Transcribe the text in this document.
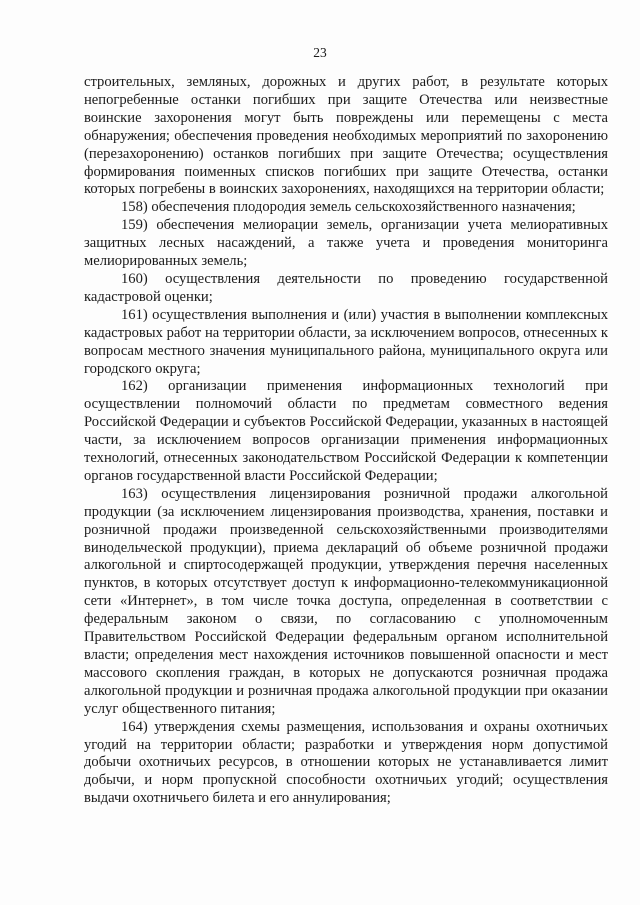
23

строительных, земляных, дорожных и других работ, в результате которых непогребенные останки погибших при защите Отечества или неизвестные воинские захоронения могут быть повреждены или перемещены с места обнаружения; обеспечения проведения необходимых мероприятий по захоронению (перезахоронению) останков погибших при защите Отечества; осуществления формирования поименных списков погибших при защите Отечества, останки которых погребены в воинских захоронениях, находящихся на территории области;

158) обеспечения плодородия земель сельскохозяйственного назначения;

159) обеспечения мелиорации земель, организации учета мелиоративных защитных лесных насаждений, а также учета и проведения мониторинга мелиорированных земель;

160) осуществления деятельности по проведению государственной кадастровой оценки;

161) осуществления выполнения и (или) участия в выполнении комплексных кадастровых работ на территории области, за исключением вопросов, отнесенных к вопросам местного значения муниципального района, муниципального округа или городского округа;

162) организации применения информационных технологий при осуществлении полномочий области по предметам совместного ведения Российской Федерации и субъектов Российской Федерации, указанных в настоящей части, за исключением вопросов организации применения информационных технологий, отнесенных законодательством Российской Федерации к компетенции органов государственной власти Российской Федерации;

163) осуществления лицензирования розничной продажи алкогольной продукции (за исключением лицензирования производства, хранения, поставки и розничной продажи произведенной сельскохозяйственными производителями винодельческой продукции), приема деклараций об объеме розничной продажи алкогольной и спиртосодержащей продукции, утверждения перечня населенных пунктов, в которых отсутствует доступ к информационно-телекоммуникационной сети «Интернет», в том числе точка доступа, определенная в соответствии с федеральным законом о связи, по согласованию с уполномоченным Правительством Российской Федерации федеральным органом исполнительной власти; определения мест нахождения источников повышенной опасности и мест массового скопления граждан, в которых не допускаются розничная продажа алкогольной продукции и розничная продажа алкогольной продукции при оказании услуг общественного питания;

164) утверждения схемы размещения, использования и охраны охотничьих угодий на территории области; разработки и утверждения норм допустимой добычи охотничьих ресурсов, в отношении которых не устанавливается лимит добычи, и норм пропускной способности охотничьих угодий; осуществления выдачи охотничьего билета и его аннулирования;
